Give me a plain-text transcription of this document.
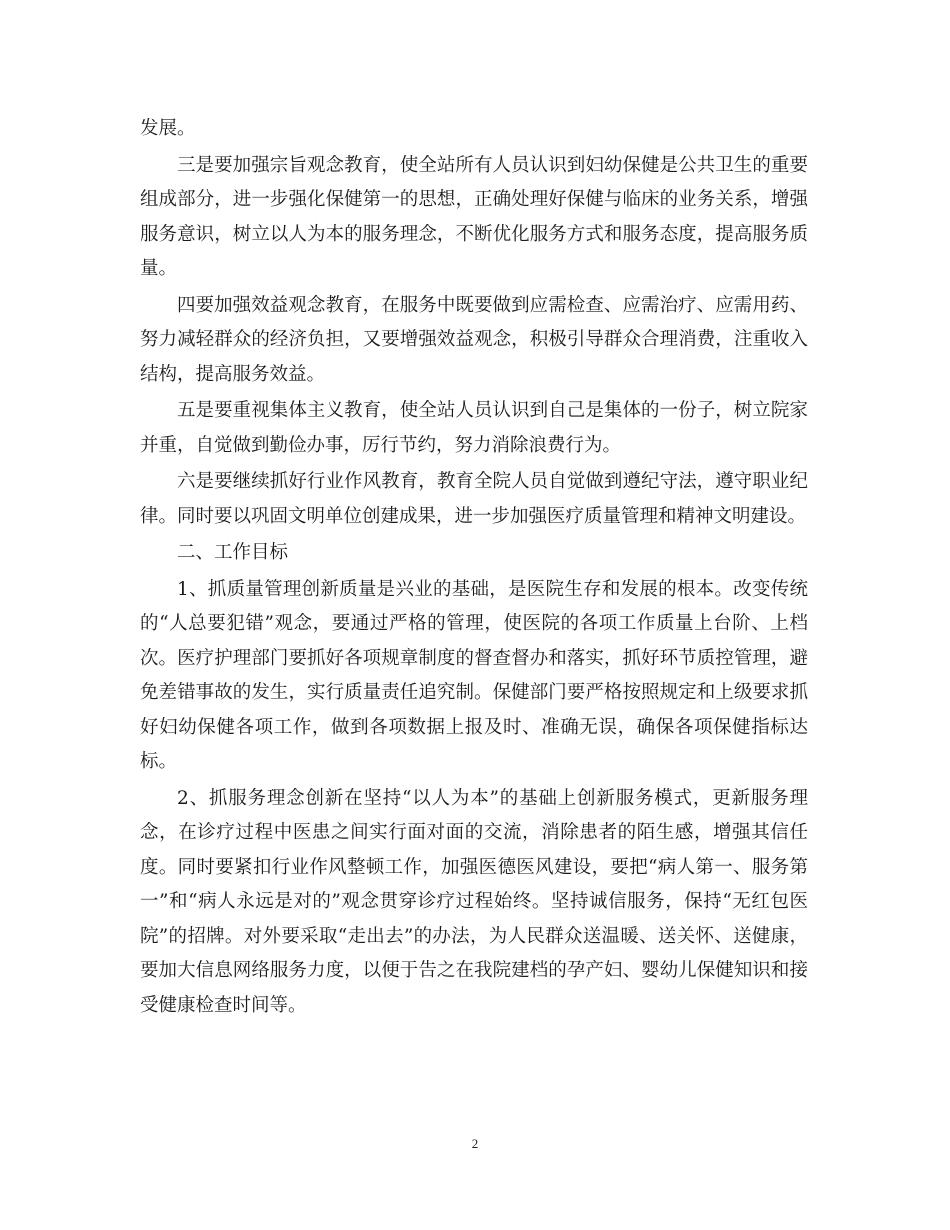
发展。

三是要加强宗旨观念教育，使全站所有人员认识到妇幼保健是公共卫生的重要组成部分，进一步强化保健第一的思想，正确处理好保健与临床的业务关系，增强服务意识，树立以人为本的服务理念，不断优化服务方式和服务态度，提高服务质量。

四要加强效益观念教育，在服务中既要做到应需检查、应需治疗、应需用药、努力减轻群众的经济负担，又要增强效益观念，积极引导群众合理消费，注重收入结构，提高服务效益。

五是要重视集体主义教育，使全站人员认识到自己是集体的一份子，树立院家并重，自觉做到勤俭办事，厉行节约，努力消除浪费行为。

六是要继续抓好行业作风教育，教育全院人员自觉做到遵纪守法，遵守职业纪律。同时要以巩固文明单位创建成果，进一步加强医疗质量管理和精神文明建设。

二、工作目标

1、抓质量管理创新质量是兴业的基础，是医院生存和发展的根本。改变传统的“人总要犯错”观念，要通过严格的管理，使医院的各项工作质量上台阶、上档次。医疗护理部门要抓好各项规章制度的督查督办和落实，抓好环节质控管理，避免差错事故的发生，实行质量责任追究制。保健部门要严格按照规定和上级要求抓好妇幼保健各项工作，做到各项数据上报及时、准确无误，确保各项保健指标达标。

2、抓服务理念创新在坚持“以人为本”的基础上创新服务模式，更新服务理念，在诊疗过程中医患之间实行面对面的交流，消除患者的陌生感，增强其信任度。同时要紧扣行业作风整顿工作，加强医德医风建设，要把“病人第一、服务第一”和“病人永远是对的”观念贯穿诊疗过程始终。坚持诚信服务，保持“无红包医院”的招牌。对外要采取“走出去”的办法，为人民群众送温暖、送关怀、送健康，要加大信息网络服务力度，以便于告之在我院建档的孕产妇、婴幼儿保健知识和接受健康检查时间等。

2
